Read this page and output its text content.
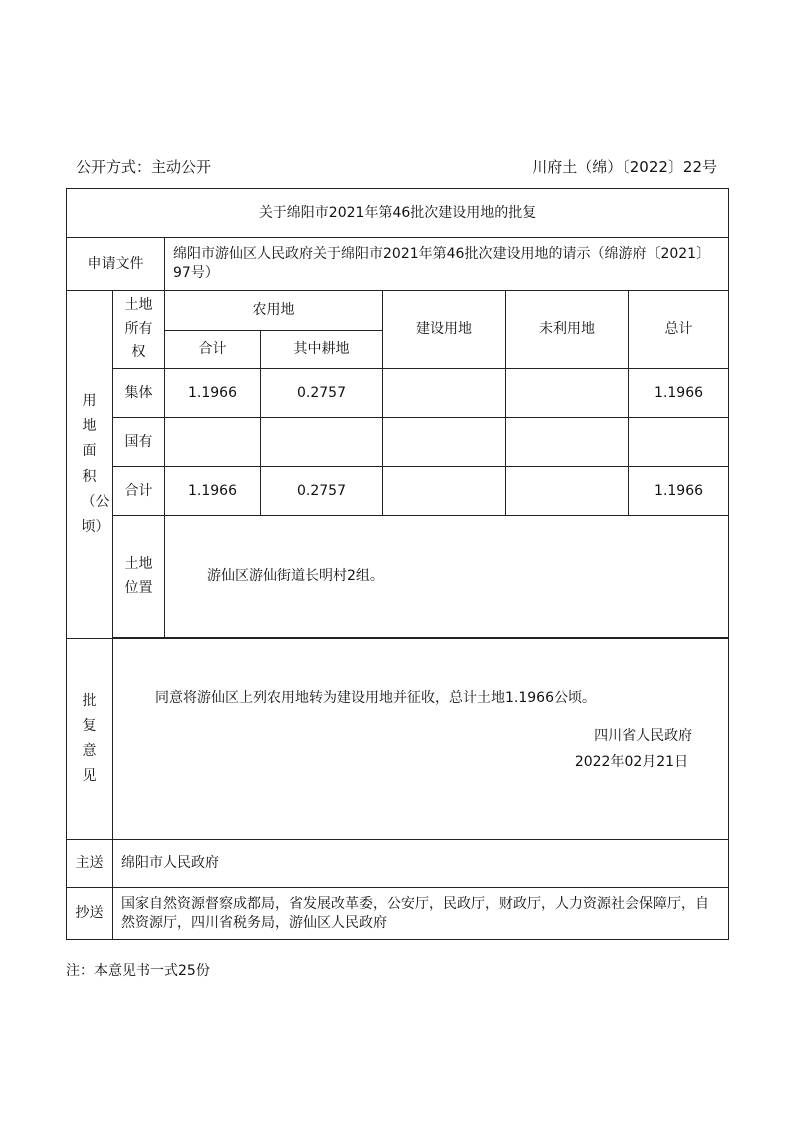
公开方式：主动公开	川府土（绵）〔2022〕22号
关于绵阳市2021年第46批次建设用地的批复						
申请文件		绵阳市游仙区人民政府关于绵阳市2021年第46批次建设用地的请示（绵游府〔2021〕97号）				

用地面积（公顷）	土地所有权	农用地		建设用地	未利用地	总计
		合计	其中耕地			
	集体	1.1966	0.2757			1.1966
	国有					
	合计	1.1966	0.2757			1.1966

	土地位置	游仙区游仙街道长明村2组。				

批复意见	同意将游仙区上列农用地转为建设用地并征收，总计土地1.1966公顷。
四川省人民政府
2022年02月21日					

主送	绵阳市人民政府					
抄送	国家自然资源督察成都局，省发展改革委，公安厅，民政厅，财政厅，人力资源社会保障厅，自然资源厅，四川省税务局，游仙区人民政府					
注：本意见书一式25份
